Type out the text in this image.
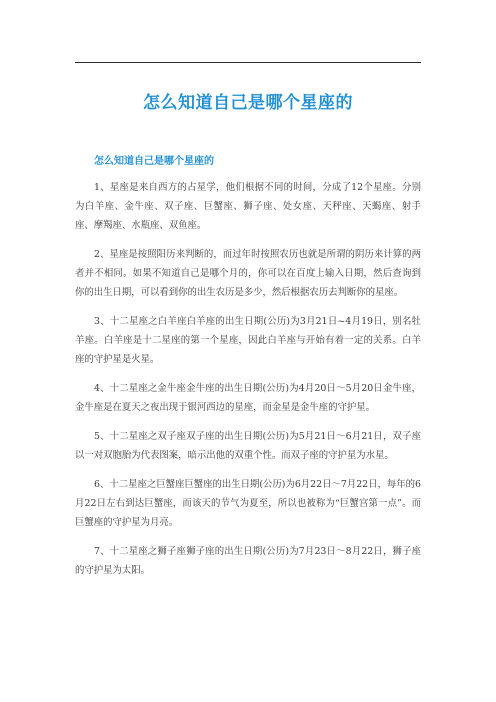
怎么知道自己是哪个星座的
怎么知道自己是哪个星座的

1、星座是来自西方的占星学，他们根据不同的时间，分成了12个星座。分别为白羊座、金牛座、双子座、巨蟹座、狮子座、处女座、天秤座、天蝎座、射手座、摩羯座、水瓶座、双鱼座。

2、星座是按照阳历来判断的，而过年时按照农历也就是所谓的阴历来计算的两者并不相同。如果不知道自己是哪个月的，你可以在百度上输入日期，然后查询到你的出生日期，可以看到你的出生农历是多少，然后根据农历去判断你的星座。

3、十二星座之白羊座白羊座的出生日期(公历)为3月21日~4月19日，别名牡羊座。白羊座是十二星座的第一个星座，因此白羊座与开始有着一定的关系。白羊座的守护星是火星。

4、十二星座之金牛座金牛座的出生日期(公历)为4月20日～5月20日金牛座，金牛座是在夏天之夜出现于银河西边的星座，而金星是金牛座的守护星。

5、十二星座之双子座双子座的出生日期(公历)为5月21日～6月21日，双子座以一对双胞胎为代表图案，暗示出他的双重个性。而双子座的守护星为水星。

6、十二星座之巨蟹座巨蟹座的出生日期(公历)为6月22日～7月22日，每年的6月22日左右到达巨蟹座，而该天的节气为夏至，所以也被称为“巨蟹宫第一点”。而巨蟹座的守护星为月亮。

7、十二星座之狮子座狮子座的出生日期(公历)为7月23日～8月22日，狮子座的守护星为太阳。
